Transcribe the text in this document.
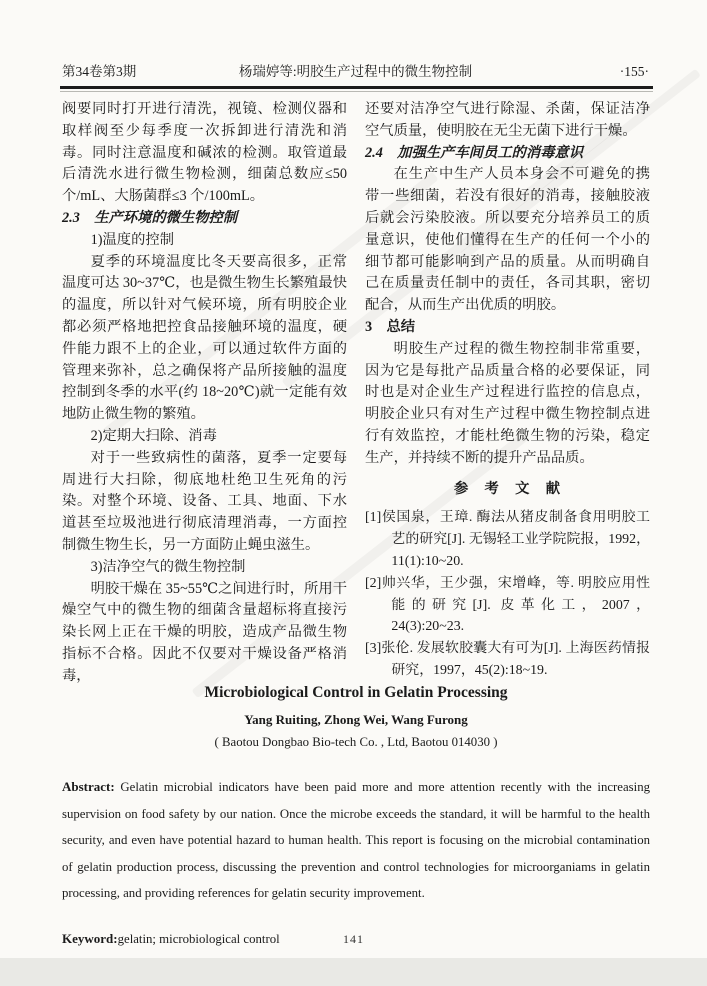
第34卷第3期	杨瑞婷等:明胶生产过程中的微生物控制	·155·

阀要同时打开进行清洗，视镜、检测仪器和取样阀至少每季度一次拆卸进行清洗和消毒。同时注意温度和碱浓的检测。取管道最后清洗水进行微生物检测，细菌总数应≤50 个/mL、大肠菌群≤3 个/100mL。

2.3　生产环境的微生物控制

1)温度的控制

夏季的环境温度比冬天要高很多，正常温度可达 30~37℃，也是微生物生长繁殖最快的温度，所以针对气候环境，所有明胶企业都必须严格地把控食品接触环境的温度，硬件能力跟不上的企业，可以通过软件方面的管理来弥补，总之确保将产品所接触的温度控制到冬季的水平(约 18~20℃)就一定能有效地防止微生物的繁殖。

2)定期大扫除、消毒

对于一些致病性的菌落，夏季一定要每周进行大扫除，彻底地杜绝卫生死角的污染。对整个环境、设备、工具、地面、下水道甚至垃圾池进行彻底清理消毒，一方面控制微生物生长，另一方面防止蝇虫滋生。

3)洁净空气的微生物控制

明胶干燥在 35~55℃之间进行时，所用干燥空气中的微生物的细菌含量超标将直接污染长网上正在干燥的明胶，造成产品微生物指标不合格。因此不仅要对干燥设备严格消毒，

还要对洁净空气进行除湿、杀菌，保证洁净空气质量，使明胶在无尘无菌下进行干燥。

2.4　加强生产车间员工的消毒意识

在生产中生产人员本身会不可避免的携带一些细菌，若没有很好的消毒，接触胶液后就会污染胶液。所以要充分培养员工的质量意识，使他们懂得在生产的任何一个小的细节都可能影响到产品的质量。从而明确自己在质量责任制中的责任，各司其职，密切配合，从而生产出优质的明胶。

3　总结

明胶生产过程的微生物控制非常重要，因为它是每批产品质量合格的必要保证，同时也是对企业生产过程进行监控的信息点，明胶企业只有对生产过程中微生物控制点进行有效监控，才能杜绝微生物的污染，稳定生产，并持续不断的提升产品品质。

参　考　文　献

[1]侯国泉，王璋. 酶法从猪皮制备食用明胶工艺的研究[J]. 无锡轻工业学院院报，1992，11(1):10~20.

[2]帅兴华，王少强，宋增峰，等. 明胶应用性能的研究[J]. 皮革化工，2007，24(3):20~23.

[3]张伦. 发展软胶囊大有可为[J]. 上海医药情报研究，1997，45(2):18~19.

Microbiological Control in Gelatin Processing

Yang Ruiting, Zhong Wei, Wang Furong

( Baotou Dongbao Bio-tech Co. , Ltd, Baotou 014030 )

Abstract: Gelatin microbial indicators have been paid more and more attention recently with the increasing supervision on food safety by our nation. Once the microbe exceeds the standard, it will be harmful to the health security, and even have potential hazard to human health. This report is focusing on the microbial contamination of gelatin production process, discussing the prevention and control technologies for microorganiams in gelatin processing, and providing references for gelatin security improvement.

Keyword:gelatin; microbiological control	141
